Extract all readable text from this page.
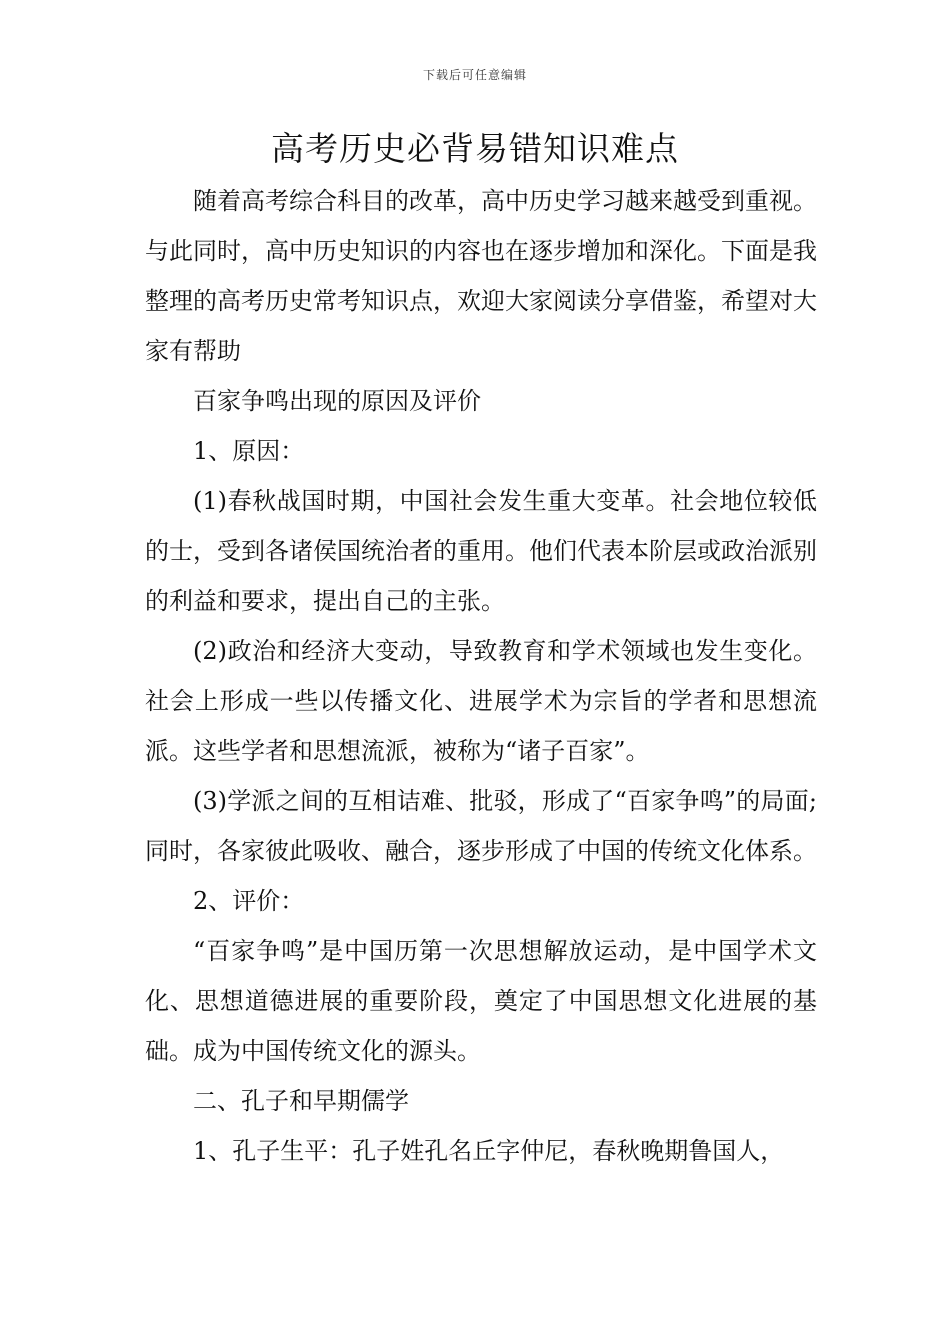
下载后可任意编辑
高考历史必背易错知识难点

随着高考综合科目的改革，高中历史学习越来越受到重视。与此同时，高中历史知识的内容也在逐步增加和深化。下面是我整理的高考历史常考知识点，欢迎大家阅读分享借鉴，希望对大家有帮助

百家争鸣出现的原因及评价

1、原因：

(1)春秋战国时期，中国社会发生重大变革。社会地位较低的士，受到各诸侯国统治者的重用。他们代表本阶层或政治派别的利益和要求，提出自己的主张。

(2)政治和经济大变动，导致教育和学术领域也发生变化。社会上形成一些以传播文化、进展学术为宗旨的学者和思想流派。这些学者和思想流派，被称为“诸子百家”。

(3)学派之间的互相诘难、批驳，形成了“百家争鸣”的局面;同时，各家彼此吸收、融合，逐步形成了中国的传统文化体系。

2、评价：

“百家争鸣”是中国历第一次思想解放运动，是中国学术文化、思想道德进展的重要阶段，奠定了中国思想文化进展的基础。成为中国传统文化的源头。

二、孔子和早期儒学

1、孔子生平：孔子姓孔名丘字仲尼，春秋晚期鲁国人，
